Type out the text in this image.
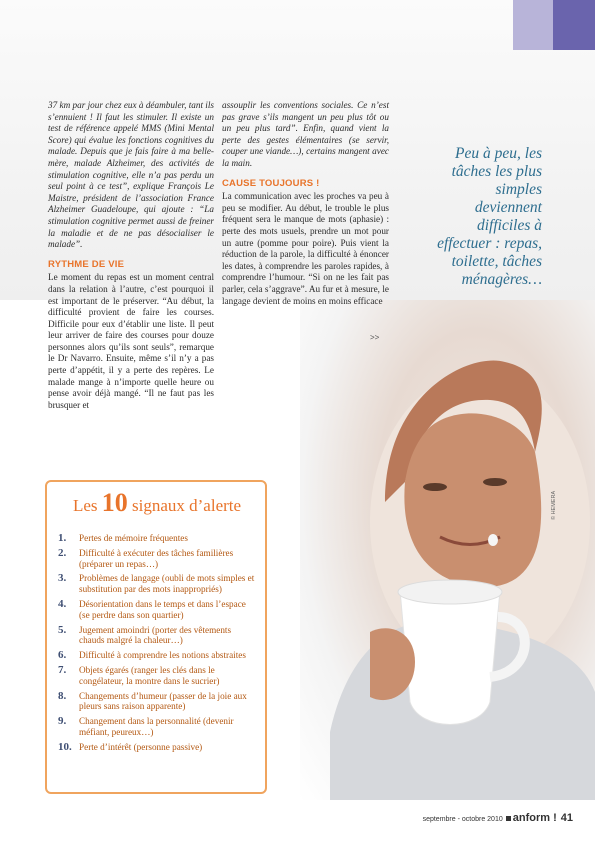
37 km par jour chez eux à déambuler, tant ils s’ennuient ! Il faut les stimuler. Il existe un test de référence appelé MMS (Mini Mental Score) qui évalue les fonctions cognitives du malade. Depuis que je fais faire à ma belle-mère, malade Alzheimer, des activités de stimulation cognitive, elle n’a pas perdu un seul point à ce test”, explique François Le Maistre, président de l’association France Alzheimer Guadeloupe, qui ajoute : “La stimulation cognitive permet aussi de freiner la maladie et de ne pas désocialiser le malade”.

RYTHME DE VIE

Le moment du repas est un moment central dans la relation à l’autre, c’est pourquoi il est important de le préserver. “Au début, la difficulté provient de faire les courses. Difficile pour eux d’établir une liste. Il peut leur arriver de faire des courses pour douze personnes alors qu’ils sont seuls”, remarque le Dr Navarro. Ensuite, même s’il n’y a pas perte d’appétit, il y a perte des repères. Le malade mange à n’importe quelle heure ou pense avoir déjà mangé. “Il ne faut pas les brusquer et

assouplir les conventions sociales. Ce n’est pas grave s’ils mangent un peu plus tôt ou un peu plus tard”. Enfin, quand vient la perte des gestes élémentaires (se servir, couper une viande…), certains mangent avec la main.

CAUSE TOUJOURS !

La communication avec les proches va peu à peu se modifier. Au début, le trouble le plus fréquent sera le manque de mots (aphasie) : perte des mots usuels, prendre un mot pour un autre (pomme pour poire). Puis vient la réduction de la parole, la difficulté à énoncer les dates, à comprendre les paroles rapides, à comprendre l’humour. “Si on ne les fait pas parler, cela s’aggrave”. Au fur et à mesure, le langage devient de moins en moins efficace

>>
Peu à peu, les tâches les plus simples deviennent difficiles à effectuer : repas, toilette, tâches ménagères…
© HEMERA
Les 10 signaux d’alerte
1.	Pertes de mémoire fréquentes
2.	Difficulté à exécuter des tâches familières (préparer un repas…)
3.	Problèmes de langage (oubli de mots simples et substitution par des mots inappropriés)
4.	Désorientation dans le temps et dans l’espace (se perdre dans son quartier)
5.	Jugement amoindri (porter des vêtements chauds malgré la chaleur…)
6.	Difficulté à comprendre les notions abstraites
7.	Objets égarés (ranger les clés dans le congélateur, la montre dans le sucrier)
8.	Changements d’humeur (passer de la joie aux pleurs sans raison apparente)
9.	Changement dans la personnalité (devenir méfiant, peureux…)
10. Perte d’intérêt (personne passive)
septembre - octobre 2010 anform ! 41
